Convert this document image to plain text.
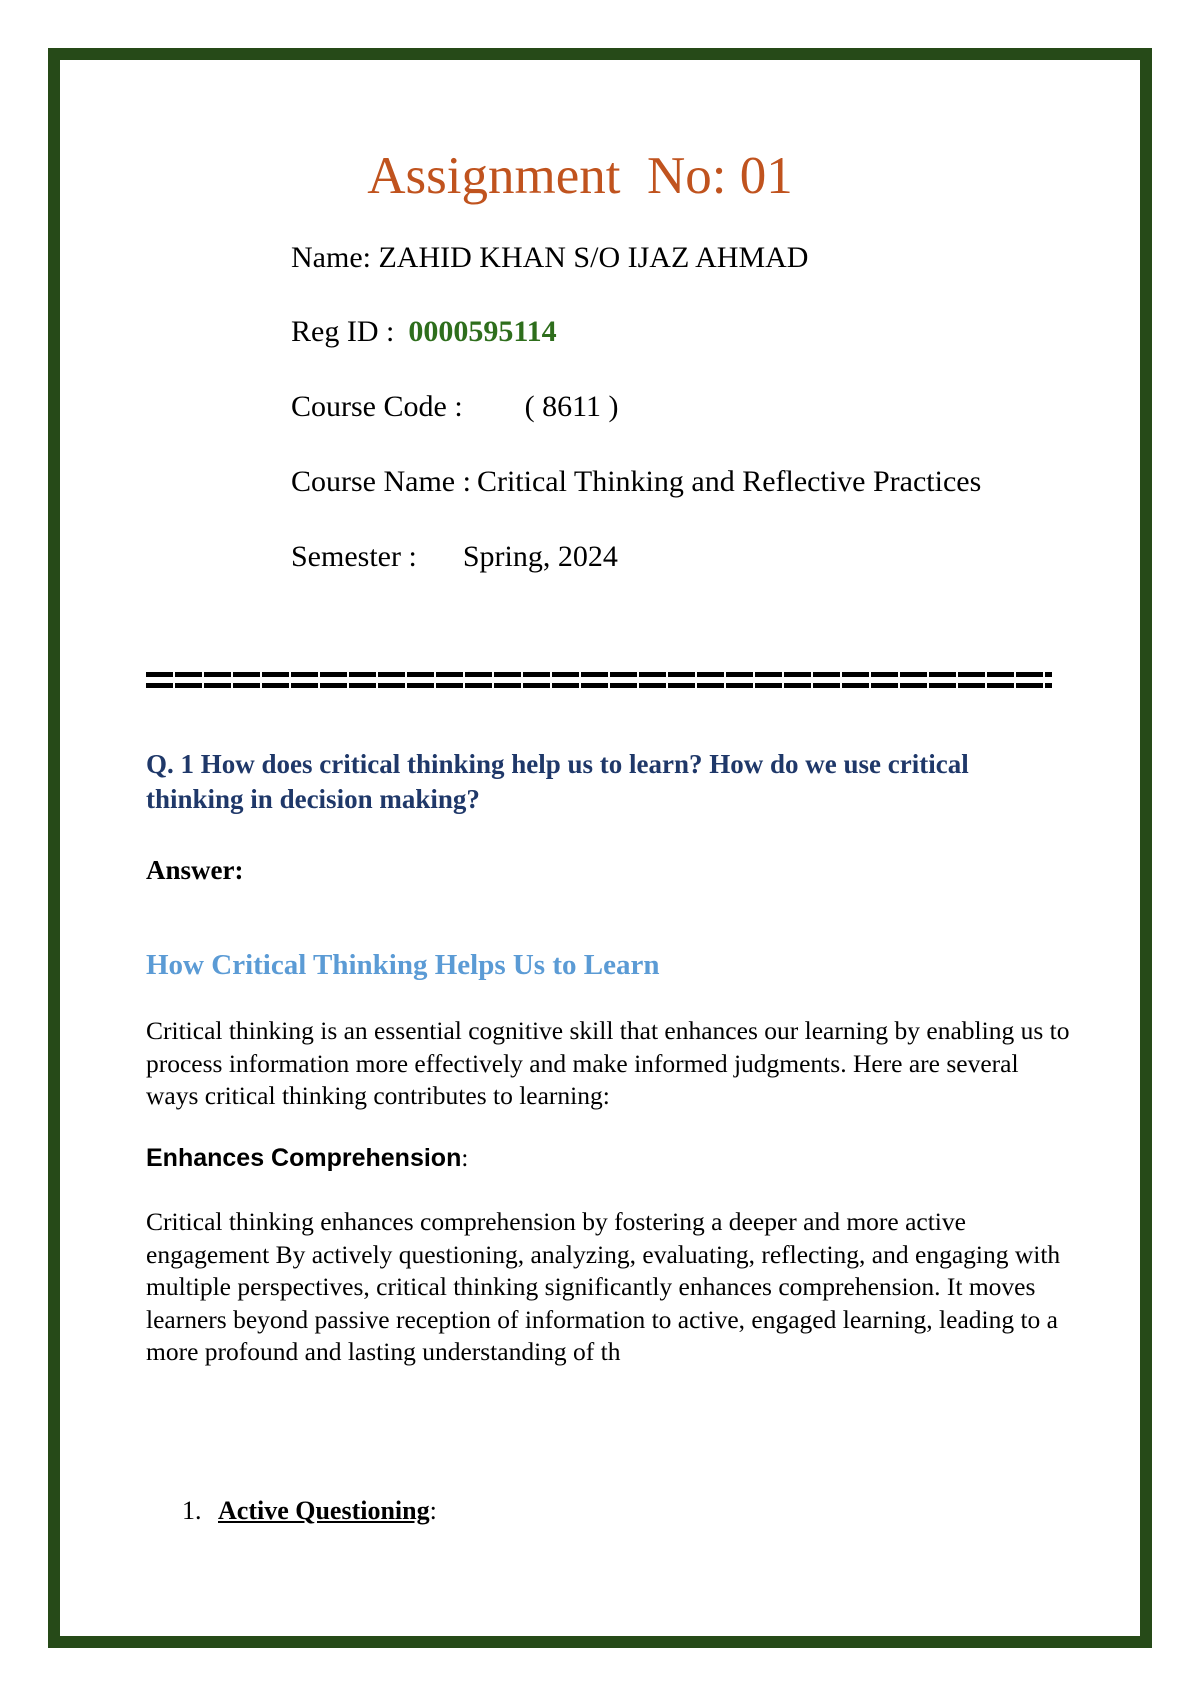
Assignment  No: 01
Name: ZAHID KHAN S/O IJAZ AHMAD
Reg ID : 0000595114
Course Code : ( 8611 )
Course Name : Critical Thinking and Reflective Practices
Semester : Spring, 2024
Q. 1 How does critical thinking help us to learn? How do we use critical thinking in decision making?
Answer:
How Critical Thinking Helps Us to Learn
Critical thinking is an essential cognitive skill that enhances our learning by enabling us to process information more effectively and make informed judgments. Here are several ways critical thinking contributes to learning:
Enhances Comprehension:
Critical thinking enhances comprehension by fostering a deeper and more active engagement By actively questioning, analyzing, evaluating, reflecting, and engaging with multiple perspectives, critical thinking significantly enhances comprehension. It moves learners beyond passive reception of information to active, engaged learning, leading to a more profound and lasting understanding of th
1. Active Questioning:
